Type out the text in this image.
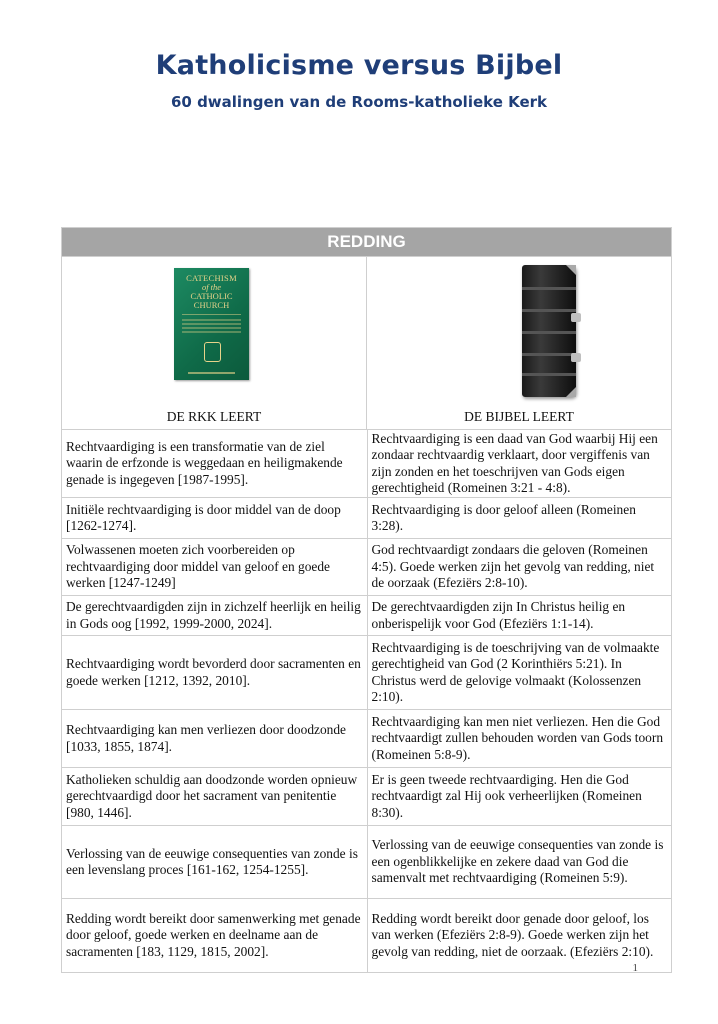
Katholicisme versus Bijbel
60 dwalingen van de Rooms-katholieke Kerk
REDDING
CATECHISM
of the
CATHOLIC
CHURCH
DE RKK LEERT	DE BIJBEL LEERT
Rechtvaardiging is een transformatie van de ziel waarin de erfzonde is weggedaan en heiligmakende genade is ingegeven [1987-1995].
Rechtvaardiging is een daad van God waarbij Hij een zondaar rechtvaardig verklaart, door vergiffenis van zijn zonden en het toeschrijven van Gods eigen gerechtigheid (Romeinen 3:21 - 4:8).
Initiële rechtvaardiging is door middel van de doop [1262-1274].
Rechtvaardiging is door geloof alleen (Romeinen 3:28).
Volwassenen moeten zich voorbereiden op rechtvaardiging door middel van geloof en goede werken [1247-1249]
God rechtvaardigt zondaars die geloven (Romeinen 4:5). Goede werken zijn het gevolg van redding, niet de oorzaak (Efeziërs 2:8-10).
De gerechtvaardigden zijn in zichzelf heerlijk en heilig in Gods oog [1992, 1999-2000, 2024].
De gerechtvaardigden zijn In Christus heilig en onberispelijk voor God (Efeziërs 1:1-14).
Rechtvaardiging wordt bevorderd door sacramenten en goede werken [1212, 1392, 2010].
Rechtvaardiging is de toeschrijving van de volmaakte gerechtigheid van God (2 Korinthiërs 5:21). In Christus werd de gelovige volmaakt (Kolossenzen 2:10).
Rechtvaardiging kan men verliezen door doodzonde [1033, 1855, 1874].
Rechtvaardiging kan men niet verliezen. Hen die God rechtvaardigt zullen behouden worden van Gods toorn (Romeinen 5:8-9).
Katholieken schuldig aan doodzonde worden opnieuw gerechtvaardigd door het sacrament van penitentie [980, 1446].
Er is geen tweede rechtvaardiging. Hen die God rechtvaardigt zal Hij ook verheerlijken (Romeinen 8:30).
Verlossing van de eeuwige consequenties van zonde is een levenslang proces [161-162, 1254-1255].
Verlossing van de eeuwige consequenties van zonde is een ogenblikkelijke en zekere daad van God die samenvalt met rechtvaardiging (Romeinen 5:9).
Redding wordt bereikt door samenwerking met genade door geloof, goede werken en deelname aan de sacramenten [183, 1129, 1815, 2002].
Redding wordt bereikt door genade door geloof, los van werken (Efeziërs 2:8-9). Goede werken zijn het gevolg van redding, niet de oorzaak. (Efeziërs 2:10).
1
